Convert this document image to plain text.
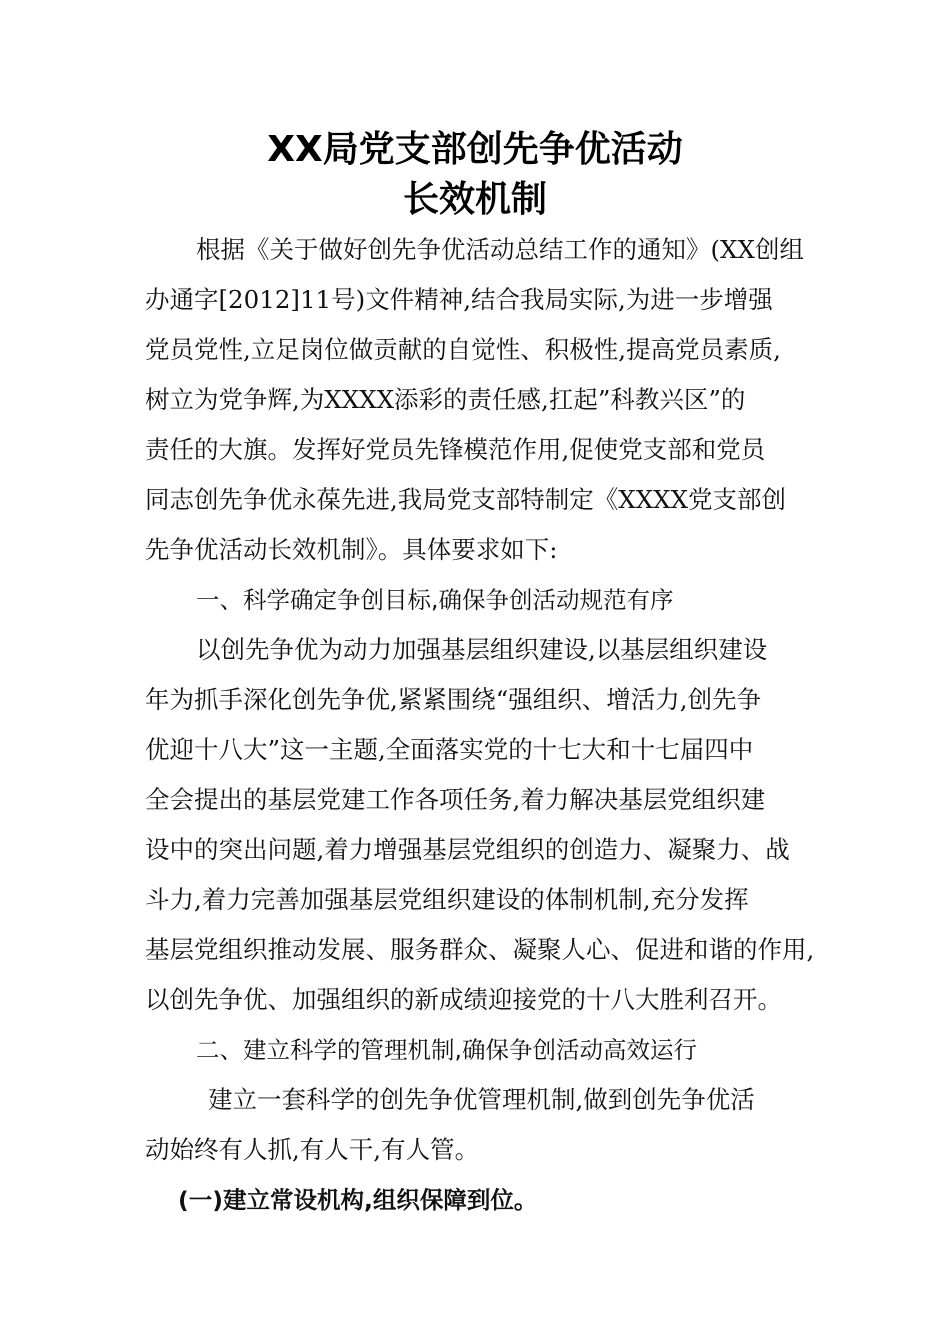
XX局党支部创先争优活动
长效机制
根据《关于做好创先争优活动总结工作的通知》(XX创组
办通字[2012]11号)文件精神,结合我局实际,为进一步增强
党员党性,立足岗位做贡献的自觉性、积极性,提高党员素质,
树立为党争辉,为XXXX添彩的责任感,扛起”科教兴区”的
责任的大旗。发挥好党员先锋模范作用,促使党支部和党员
同志创先争优永葆先进,我局党支部特制定《XXXX党支部创
先争优活动长效机制》。具体要求如下:
一、科学确定争创目标,确保争创活动规范有序
以创先争优为动力加强基层组织建设,以基层组织建设
年为抓手深化创先争优,紧紧围绕“强组织、增活力,创先争
优迎十八大”这一主题,全面落实党的十七大和十七届四中
全会提出的基层党建工作各项任务,着力解决基层党组织建
设中的突出问题,着力增强基层党组织的创造力、凝聚力、战
斗力,着力完善加强基层党组织建设的体制机制,充分发挥
基层党组织推动发展、服务群众、凝聚人心、促进和谐的作用,
以创先争优、加强组织的新成绩迎接党的十八大胜利召开。
二、建立科学的管理机制,确保争创活动高效运行
建立一套科学的创先争优管理机制,做到创先争优活
动始终有人抓,有人干,有人管。
(一)建立常设机构,组织保障到位。
